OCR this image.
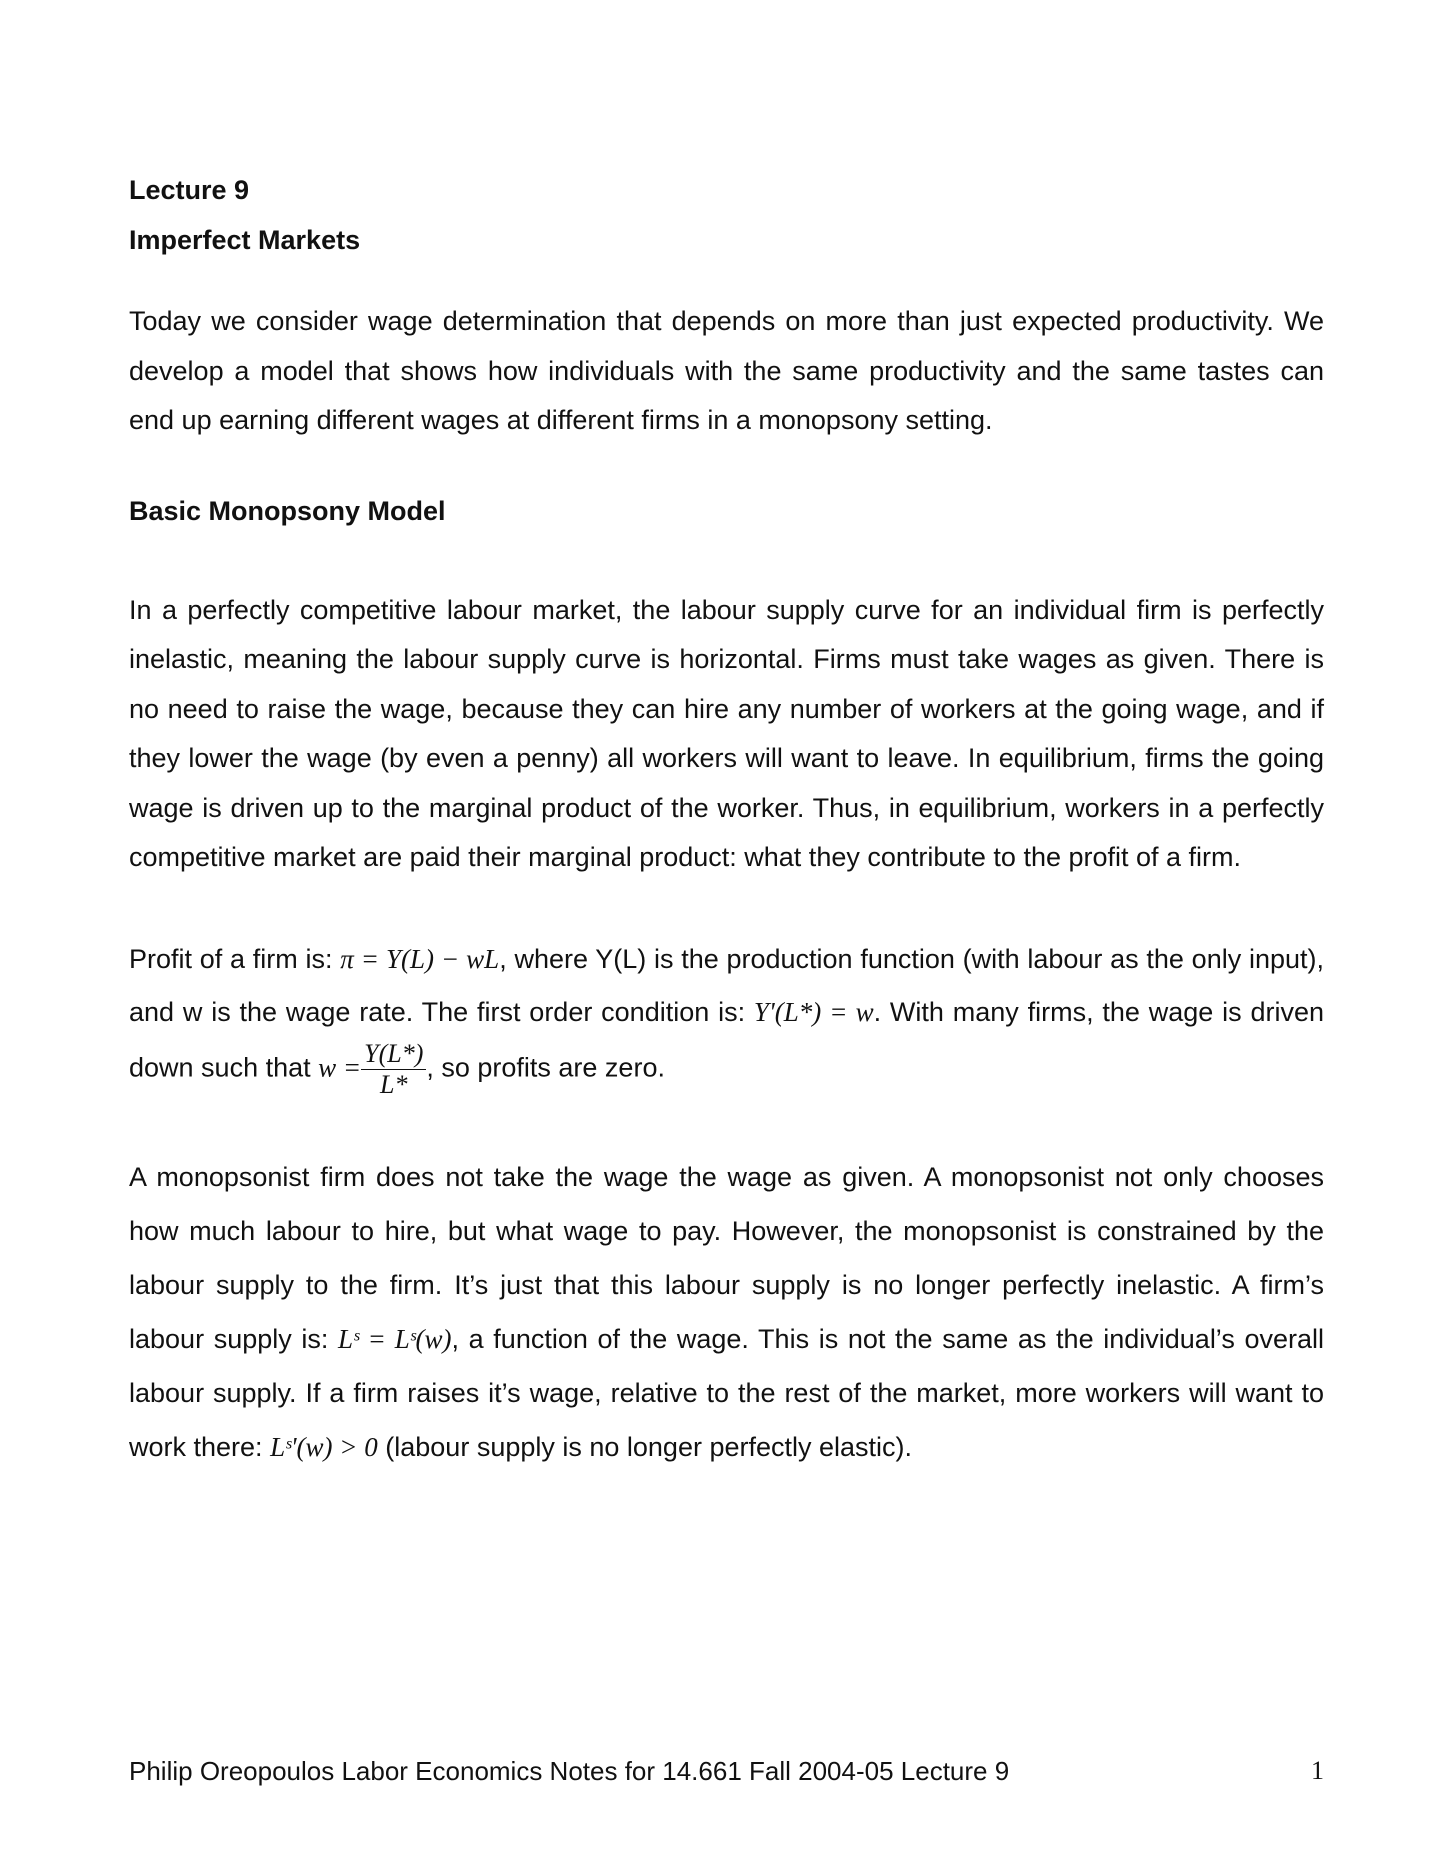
Lecture 9
Imperfect Markets

Today we consider wage determination that depends on more than just expected productivity. We develop a model that shows how individuals with the same productivity and the same tastes can end up earning different wages at different firms in a monopsony setting.

Basic Monopsony Model

In a perfectly competitive labour market, the labour supply curve for an individual firm is perfectly inelastic, meaning the labour supply curve is horizontal. Firms must take wages as given. There is no need to raise the wage, because they can hire any number of workers at the going wage, and if they lower the wage (by even a penny) all workers will want to leave. In equilibrium, firms the going wage is driven up to the marginal product of the worker. Thus, in equilibrium, workers in a perfectly competitive market are paid their marginal product: what they contribute to the profit of a firm.

Profit of a firm is: π = Y(L) − wL, where Y(L) is the production function (with labour as the only input), and w is the wage rate. The first order condition is: Y'(L*) = w. With many firms, the wage is driven down such that $w = \frac{Y(L*)}{L*}$ , so profits are zero.

A monopsonist firm does not take the wage the wage as given. A monopsonist not only chooses how much labour to hire, but what wage to pay. However, the monopsonist is constrained by the labour supply to the firm. It’s just that this labour supply is no longer perfectly inelastic. A firm’s labour supply is: Lˢ = Lˢ(w), a function of the wage. This is not the same as the individual’s overall labour supply. If a firm raises it’s wage, relative to the rest of the market, more workers will want to work there: Lˢ'(w) > 0 (labour supply is no longer perfectly elastic).

Philip Oreopoulos Labor Economics Notes for 14.661 Fall 2004-05 Lecture 9	1
